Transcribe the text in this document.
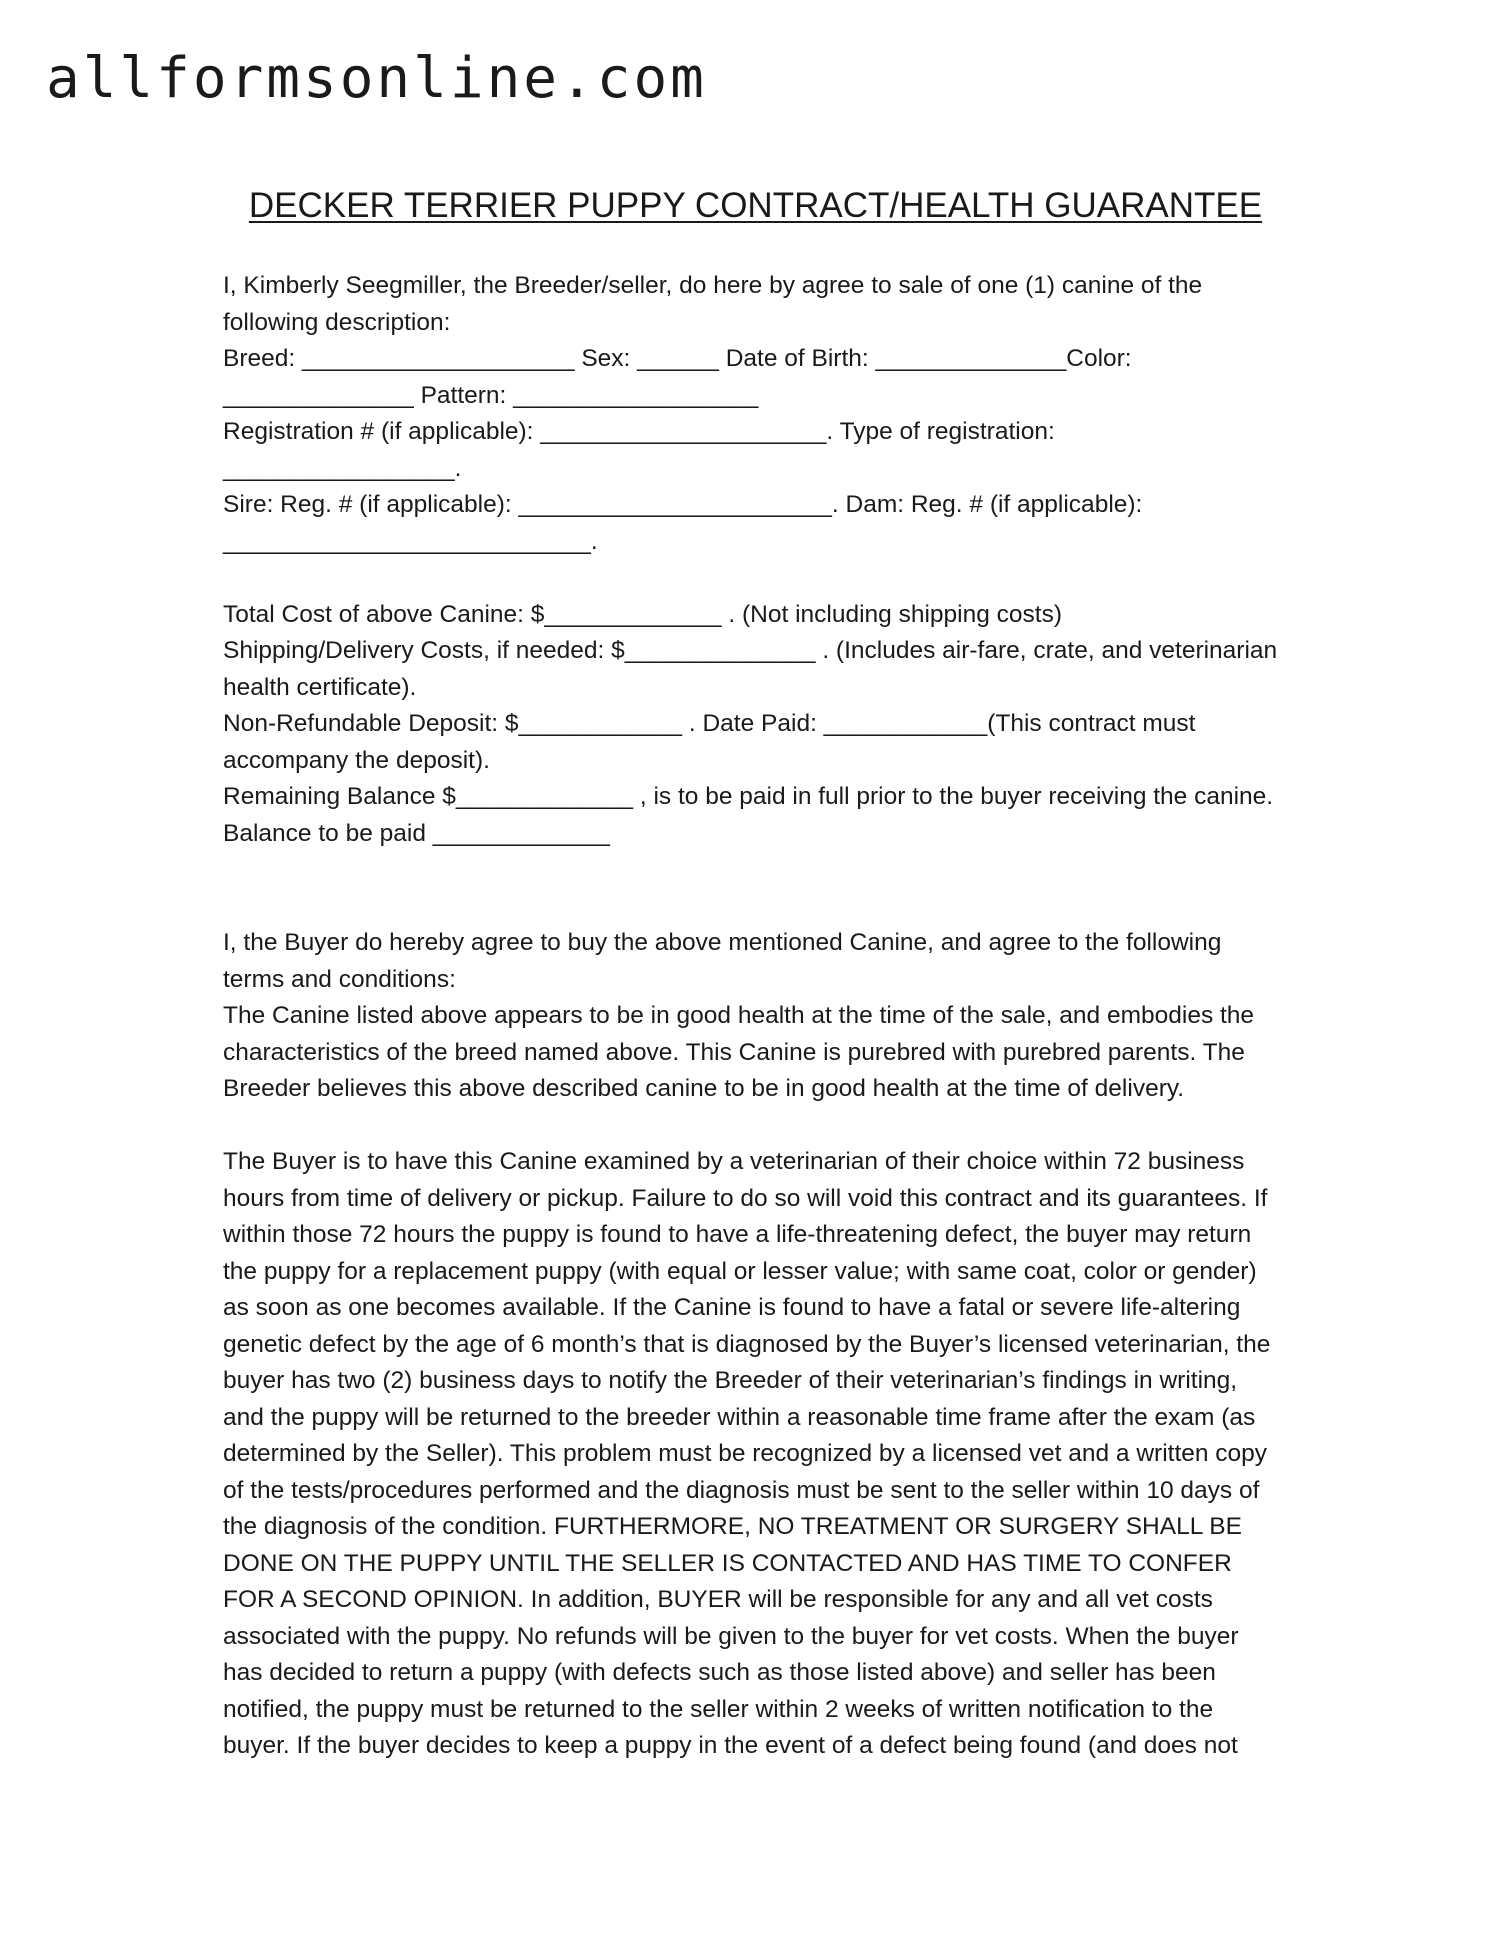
allformsonline.com
DECKER TERRIER PUPPY CONTRACT/HEALTH GUARANTEE
I, Kimberly Seegmiller, the Breeder/seller, do here by agree to sale of one (1) canine of the
following description:
Breed: ____________________ Sex: ______ Date of Birth: ______________Color:
______________ Pattern: __________________
Registration # (if applicable): _____________________. Type of registration:
_________________.
Sire: Reg. # (if applicable): _______________________. Dam: Reg. # (if applicable):
___________________________.
Total Cost of above Canine: $_____________ . (Not including shipping costs)
Shipping/Delivery Costs, if needed: $______________ . (Includes air-fare, crate, and veterinarian
health certificate).
Non-Refundable Deposit: $____________ . Date Paid: ____________(This contract must
accompany the deposit).
Remaining Balance $_____________ , is to be paid in full prior to the buyer receiving the canine.
Balance to be paid _____________
I, the Buyer do hereby agree to buy the above mentioned Canine, and agree to the following
terms and conditions:
The Canine listed above appears to be in good health at the time of the sale, and embodies the
characteristics of the breed named above. This Canine is purebred with purebred parents. The
Breeder believes this above described canine to be in good health at the time of delivery.
The Buyer is to have this Canine examined by a veterinarian of their choice within 72 business
hours from time of delivery or pickup. Failure to do so will void this contract and its guarantees. If
within those 72 hours the puppy is found to have a life-threatening defect, the buyer may return
the puppy for a replacement puppy (with equal or lesser value; with same coat, color or gender)
as soon as one becomes available. If the Canine is found to have a fatal or severe life-altering
genetic defect by the age of 6 month’s that is diagnosed by the Buyer’s licensed veterinarian, the
buyer has two (2) business days to notify the Breeder of their veterinarian’s findings in writing,
and the puppy will be returned to the breeder within a reasonable time frame after the exam (as
determined by the Seller). This problem must be recognized by a licensed vet and a written copy
of the tests/procedures performed and the diagnosis must be sent to the seller within 10 days of
the diagnosis of the condition. FURTHERMORE, NO TREATMENT OR SURGERY SHALL BE
DONE ON THE PUPPY UNTIL THE SELLER IS CONTACTED AND HAS TIME TO CONFER
FOR A SECOND OPINION. In addition, BUYER will be responsible for any and all vet costs
associated with the puppy. No refunds will be given to the buyer for vet costs. When the buyer
has decided to return a puppy (with defects such as those listed above) and seller has been
notified, the puppy must be returned to the seller within 2 weeks of written notification to the
buyer. If the buyer decides to keep a puppy in the event of a defect being found (and does not
